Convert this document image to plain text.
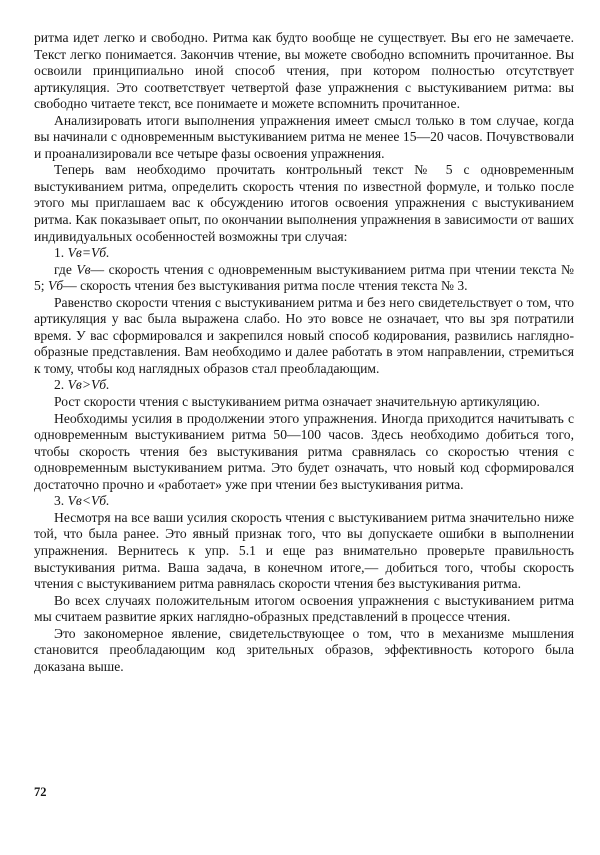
ритма идет легко и свободно. Ритма как будто вообще не существует. Вы его не замечаете. Текст легко понимается. Закончив чтение, вы можете свободно вспомнить прочитанное. Вы освоили принципиально иной способ чтения, при котором полностью отсутствует артикуляция. Это соответствует четвертой фазе упражнения с выстукиванием ритма: вы свободно читаете текст, все понимаете и можете вспомнить прочитанное.

Анализировать итоги выполнения упражнения имеет смысл только в том случае, когда вы начинали с одновременным выстукиванием ритма не менее 15—20 часов. Почувствовали и проанализировали все четыре фазы освоения упражнения.

Теперь вам необходимо прочитать контрольный текст № 5 с одновременным выстукиванием ритма, определить скорость чтения по известной формуле, и только после этого мы приглашаем вас к обсуждению итогов освоения упражнения с выстукиванием ритма. Как показывает опыт, по окончании выполнения упражнения в зависимости от ваших индивидуальных особенностей возможны три случая:

1. Vв=Vб.

где Vв— скорость чтения с одновременным выстукиванием ритма при чтении текста № 5; Vб— скорость чтения без выстукивания ритма после чтения текста № 3.

Равенство скорости чтения с выстукиванием ритма и без него свидетельствует о том, что артикуляция у вас была выражена слабо. Но это вовсе не означает, что вы зря потратили время. У вас сформировался и закрепился новый способ кодирования, развились наглядно-образные представления. Вам необходимо и далее работать в этом направлении, стремиться к тому, чтобы код наглядных образов стал преобладающим.

2. Vв>Vб.

Рост скорости чтения с выстукиванием ритма означает значительную артикуляцию.

Необходимы усилия в продолжении этого упражнения. Иногда приходится начитывать с одновременным выстукиванием ритма 50—100 часов. Здесь необходимо добиться того, чтобы скорость чтения без выстукивания ритма сравнялась со скоростью чтения с одновременным выстукиванием ритма. Это будет означать, что новый код сформировался достаточно прочно и «работает» уже при чтении без выстукивания ритма.

3. Vв<Vб.

Несмотря на все ваши усилия скорость чтения с выстукиванием ритма значительно ниже той, что была ранее. Это явный признак того, что вы допускаете ошибки в выполнении упражнения. Вернитесь к упр. 5.1 и еще раз внимательно проверьте правильность выстукивания ритма. Ваша задача, в конечном итоге,— добиться того, чтобы скорость чтения с выстукиванием ритма равнялась скорости чтения без выстукивания ритма.

Во всех случаях положительным итогом освоения упражнения с выстукиванием ритма мы считаем развитие ярких наглядно-образных представлений в процессе чтения.

Это закономерное явление, свидетельствующее о том, что в механизме мышления становится преобладающим код зрительных образов, эффективность которого была доказана выше.

72
